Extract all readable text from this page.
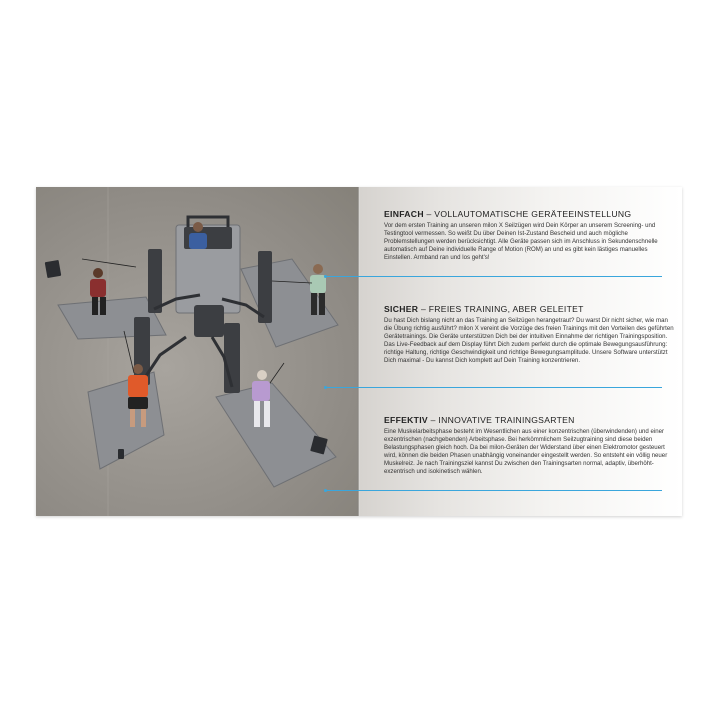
EINFACH – VOLLAUTOMATISCHE GERÄTEEINSTELLUNG

Vor dem ersten Training an unseren milon X Seilzügen wird Dein Körper an unserem Screening- und Testingtool vermessen. So weißt Du über Deinen Ist-Zustand Bescheid und auch mögliche Problemstellungen werden berücksichtigt. Alle Geräte passen sich im Anschluss in Sekundenschnelle automatisch auf Deine individuelle Range of Motion (ROM) an und es gibt kein lästiges manuelles Einstellen. Armband ran und los geht's!

SICHER – FREIES TRAINING, ABER GELEITET

Du hast Dich bislang nicht an das Training an Seilzügen herangetraut? Du warst Dir nicht sicher, wie man die Übung richtig ausführt? milon X vereint die Vorzüge des freien Trainings mit den Vorteilen des geführten Gerätetrainings. Die Geräte unterstützen Dich bei der intuitiven Einnahme der richtigen Trainingsposition. Das Live-Feedback auf dem Display führt Dich zudem perfekt durch die optimale Bewegungsausführung: richtige Haltung, richtige Geschwindigkeit und richtige Bewegungsamplitude. Unsere Software unterstützt Dich maximal - Du kannst Dich komplett auf Dein Training konzentrieren.

EFFEKTIV – INNOVATIVE TRAININGSARTEN

Eine Muskelarbeitsphase besteht im Wesentlichen aus einer konzentrischen (überwindenden) und einer exzentrischen (nachgebenden) Arbeitsphase. Bei herkömmlichem Seilzugtraining sind diese beiden Belastungsphasen gleich hoch. Da bei milon-Geräten der Widerstand über einen Elektromotor gesteuert wird, können die beiden Phasen unabhängig voneinander eingestellt werden. So entsteht ein völlig neuer Muskelreiz. Je nach Trainingsziel kannst Du zwischen den Trainingsarten normal, adaptiv, überhöht-exzentrisch und isokinetisch wählen.
